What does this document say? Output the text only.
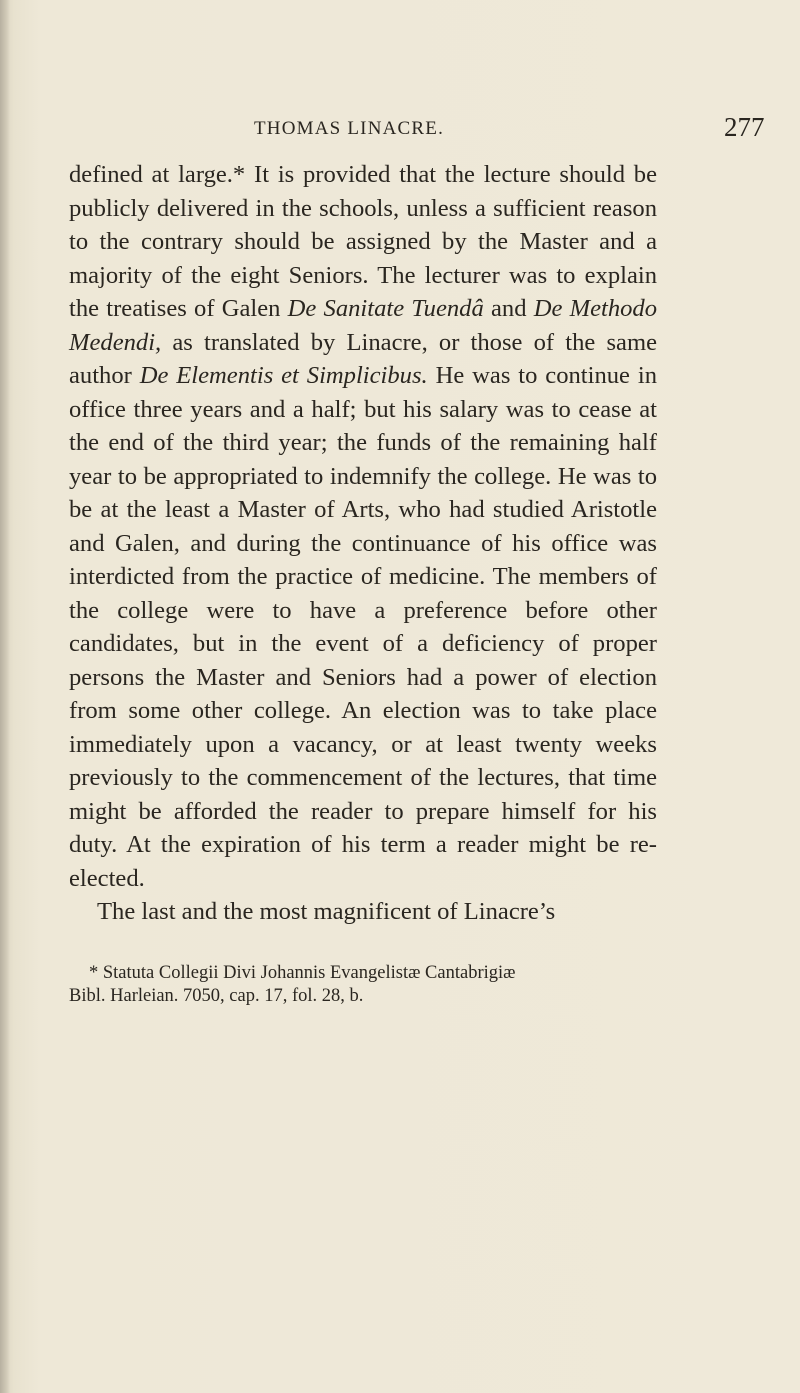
THOMAS LINACRE.	277

defined at large.* It is provided that the lecture should be publicly delivered in the schools, unless a sufficient reason to the contrary should be assigned by the Master and a majority of the eight Seniors. The lecturer was to explain the treatises of Galen De Sanitate Tuendâ and De Methodo Medendi, as translated by Linacre, or those of the same author De Elementis et Simplicibus. He was to continue in office three years and a half; but his salary was to cease at the end of the third year; the funds of the remaining half year to be appropriated to indemnify the college. He was to be at the least a Master of Arts, who had studied Aristotle and Galen, and during the continuance of his office was interdicted from the practice of medicine. The members of the college were to have a preference before other candidates, but in the event of a deficiency of proper persons the Master and Seniors had a power of election from some other college. An election was to take place immediately upon a vacancy, or at least twenty weeks previously to the commencement of the lectures, that time might be afforded the reader to prepare himself for his duty. At the expiration of his term a reader might be re-elected.

The last and the most magnificent of Linacre’s

* Statuta Collegii Divi Johannis Evangelistæ Cantabrigiæ
Bibl. Harleian. 7050, cap. 17, fol. 28, b.
